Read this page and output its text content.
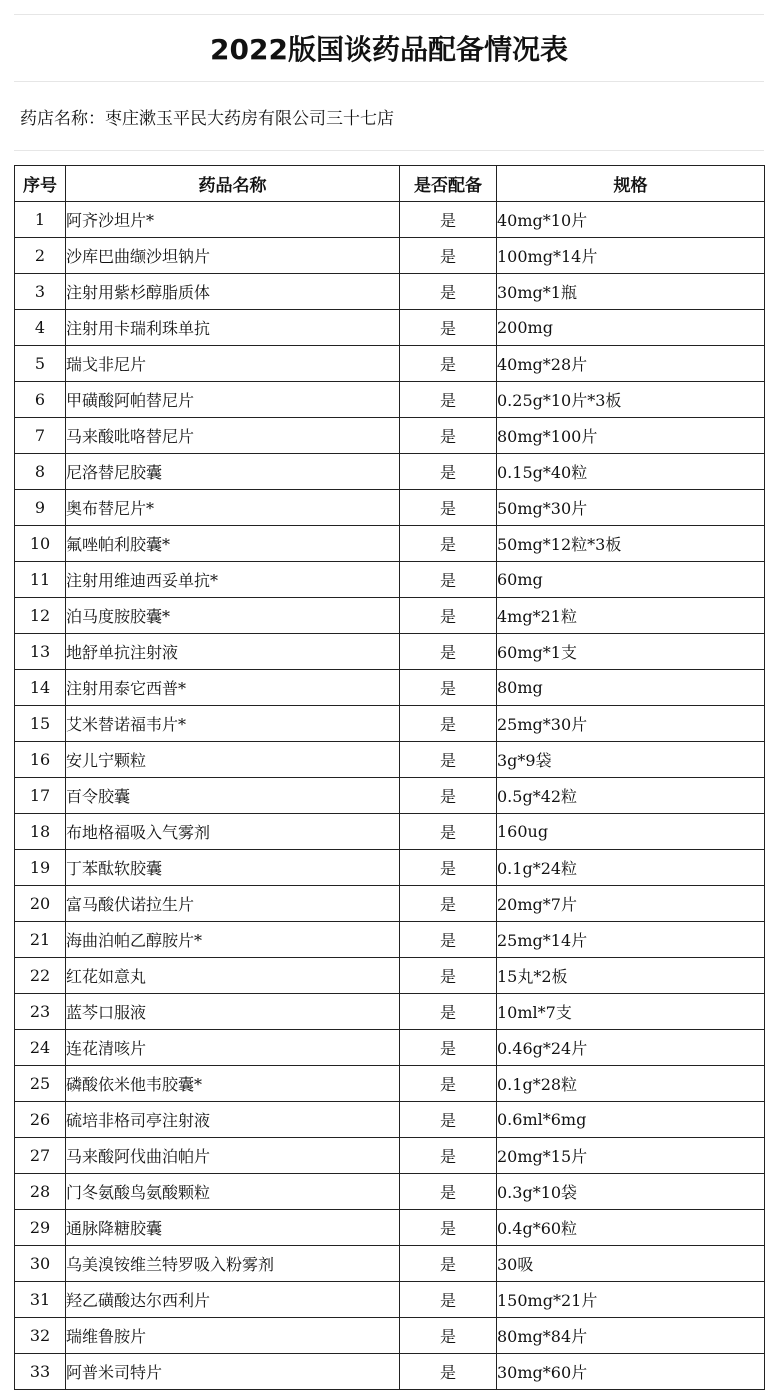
2022版国谈药品配备情况表
药店名称：枣庄漱玉平民大药房有限公司三十七店
序号	药品名称	是否配备	规格
1	阿齐沙坦片*	是	40mg*10片
2	沙库巴曲缬沙坦钠片	是	100mg*14片
3	注射用紫杉醇脂质体	是	30mg*1瓶
4	注射用卡瑞利珠单抗	是	200mg
5	瑞戈非尼片	是	40mg*28片
6	甲磺酸阿帕替尼片	是	0.25g*10片*3板
7	马来酸吡咯替尼片	是	80mg*100片
8	尼洛替尼胶囊	是	0.15g*40粒
9	奥布替尼片*	是	50mg*30片
10	氟唑帕利胶囊*	是	50mg*12粒*3板
11	注射用维迪西妥单抗*	是	60mg
12	泊马度胺胶囊*	是	4mg*21粒
13	地舒单抗注射液	是	60mg*1支
14	注射用泰它西普*	是	80mg
15	艾米替诺福韦片*	是	25mg*30片
16	安儿宁颗粒	是	3g*9袋
17	百令胶囊	是	0.5g*42粒
18	布地格福吸入气雾剂	是	160ug
19	丁苯酞软胶囊	是	0.1g*24粒
20	富马酸伏诺拉生片	是	20mg*7片
21	海曲泊帕乙醇胺片*	是	25mg*14片
22	红花如意丸	是	15丸*2板
23	蓝芩口服液	是	10ml*7支
24	连花清咳片	是	0.46g*24片
25	磷酸依米他韦胶囊*	是	0.1g*28粒
26	硫培非格司亭注射液	是	0.6ml*6mg
27	马来酸阿伐曲泊帕片	是	20mg*15片
28	门冬氨酸鸟氨酸颗粒	是	0.3g*10袋
29	通脉降糖胶囊	是	0.4g*60粒
30	乌美溴铵维兰特罗吸入粉雾剂	是	30吸
31	羟乙磺酸达尔西利片	是	150mg*21片
32	瑞维鲁胺片	是	80mg*84片
33	阿普米司特片	是	30mg*60片
